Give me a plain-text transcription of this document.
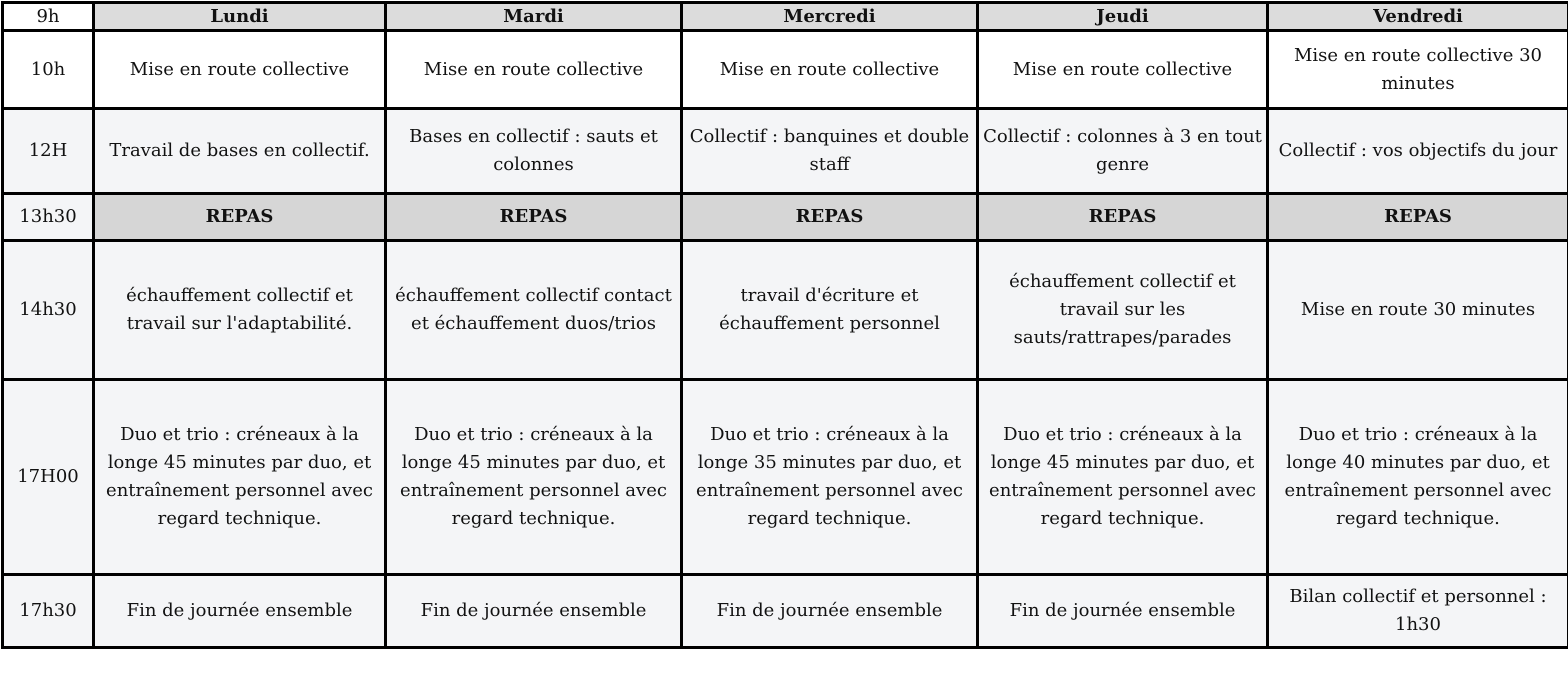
9h	Lundi	Mardi	Mercredi	Jeudi	Vendredi
10h	Mise en route collective	Mise en route collective	Mise en route collective	Mise en route collective	Mise en route collective 30 minutes
12H	Travail de bases en collectif.	Bases en collectif : sauts et colonnes	Collectif : banquines et double staff	Collectif : colonnes à 3 en tout genre	Collectif : vos objectifs du jour
13h30	REPAS	REPAS	REPAS	REPAS	REPAS
14h30	échauffement collectif et travail sur l'adaptabilité.	échauffement collectif contact et échauffement duos/trios	travail d'écriture et échauffement personnel	échauffement collectif et travail sur les sauts/rattrapes/parades	Mise en route 30 minutes
17H00	Duo et trio : créneaux à la longe 45 minutes par duo, et entraînement personnel avec regard technique.	Duo et trio : créneaux à la longe 45 minutes par duo, et entraînement personnel avec regard technique.	Duo et trio : créneaux à la longe 35 minutes par duo, et entraînement personnel avec regard technique.	Duo et trio : créneaux à la longe 45 minutes par duo, et entraînement personnel avec regard technique.	Duo et trio : créneaux à la longe 40 minutes par duo, et entraînement personnel avec regard technique.
17h30	Fin de journée ensemble	Fin de journée ensemble	Fin de journée ensemble	Fin de journée ensemble	Bilan collectif et personnel : 1h30
